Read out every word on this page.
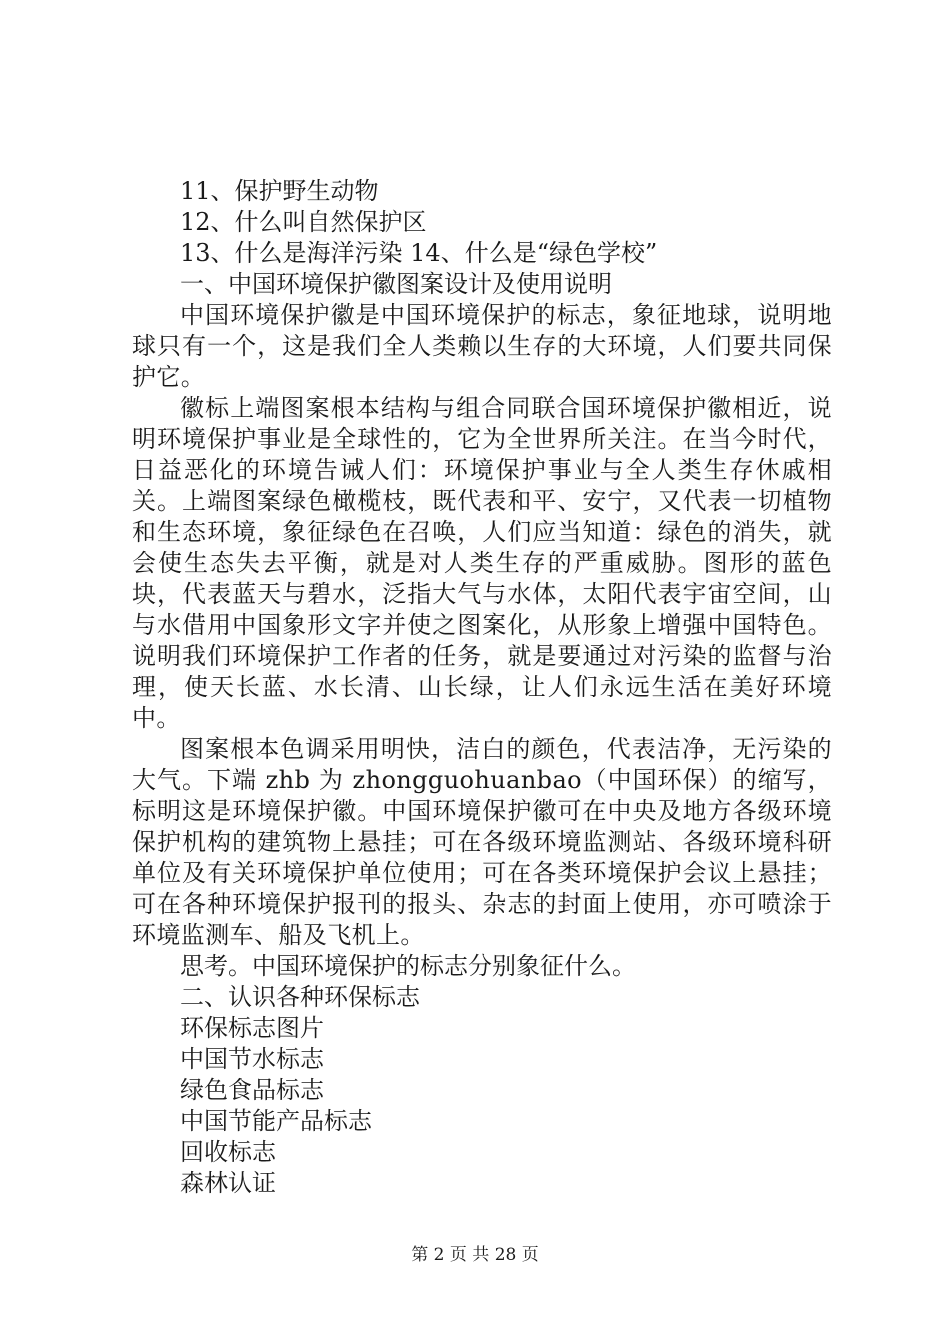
11、保护野生动物

12、什么叫自然保护区

13、什么是海洋污染 14、什么是“绿色学校”

一、中国环境保护徽图案设计及使用说明

中国环境保护徽是中国环境保护的标志，象征地球，说明地球只有一个，这是我们全人类赖以生存的大环境，人们要共同保护它。

徽标上端图案根本结构与组合同联合国环境保护徽相近，说明环境保护事业是全球性的，它为全世界所关注。在当今时代，日益恶化的环境告诫人们：环境保护事业与全人类生存休戚相关。上端图案绿色橄榄枝，既代表和平、安宁，又代表一切植物和生态环境，象征绿色在召唤，人们应当知道：绿色的消失，就会使生态失去平衡，就是对人类生存的严重威胁。图形的蓝色块，代表蓝天与碧水，泛指大气与水体，太阳代表宇宙空间，山与水借用中国象形文字并使之图案化，从形象上增强中国特色。说明我们环境保护工作者的任务，就是要通过对污染的监督与治理，使天长蓝、水长清、山长绿，让人们永远生活在美好环境中。

图案根本色调采用明快，洁白的颜色，代表洁净，无污染的大气。下端 zhb 为 zhongguohuanbao（中国环保）的缩写，标明这是环境保护徽。中国环境保护徽可在中央及地方各级环境保护机构的建筑物上悬挂；可在各级环境监测站、各级环境科研单位及有关环境保护单位使用；可在各类环境保护会议上悬挂；可在各种环境保护报刊的报头、杂志的封面上使用，亦可喷涂于环境监测车、船及飞机上。

思考。中国环境保护的标志分别象征什么。

二、认识各种环保标志

环保标志图片

中国节水标志

绿色食品标志

中国节能产品标志

回收标志

森林认证

第 2 页 共 28 页
